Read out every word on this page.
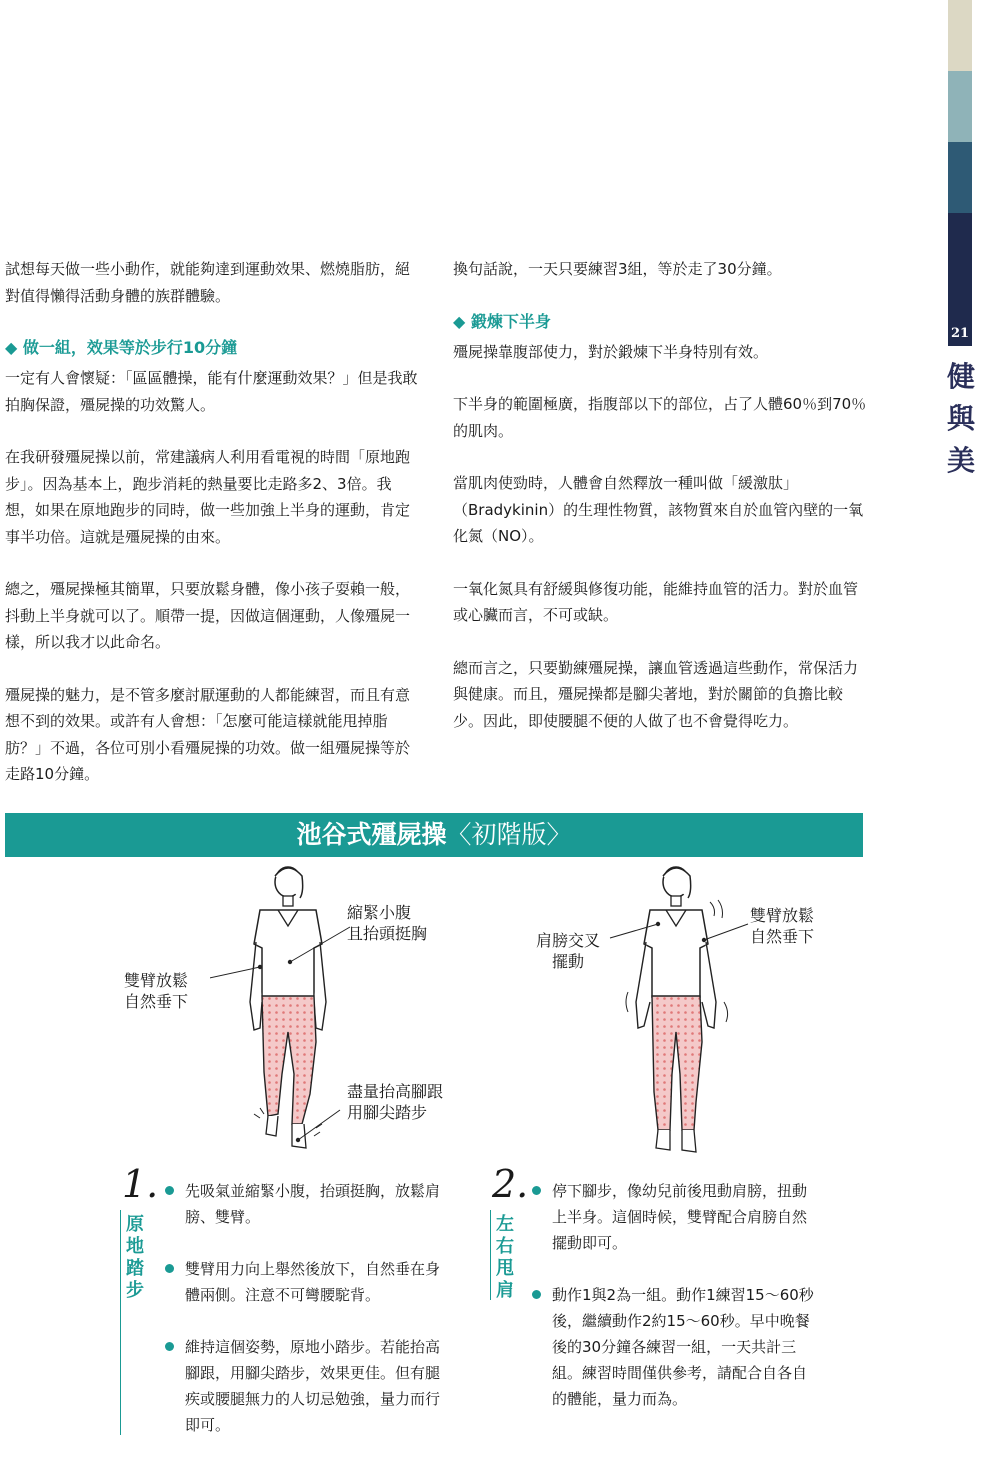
21
健
與
美

試想每天做一些小動作，就能夠達到運動效果、燃燒脂肪，絕對值得懶得活動身體的族群體驗。

◆ 做一組，效果等於步行10分鐘

一定有人會懷疑：「區區體操，能有什麼運動效果？」但是我敢拍胸保證，殭屍操的功效驚人。

在我研發殭屍操以前，常建議病人利用看電視的時間「原地跑步」。因為基本上，跑步消耗的熱量要比走路多2、3倍。我想，如果在原地跑步的同時，做一些加強上半身的運動，肯定事半功倍。這就是殭屍操的由來。

總之，殭屍操極其簡單，只要放鬆身體，像小孩子耍賴一般，抖動上半身就可以了。順帶一提，因做這個運動，人像殭屍一樣，所以我才以此命名。

殭屍操的魅力，是不管多麼討厭運動的人都能練習，而且有意想不到的效果。或許有人會想：「怎麼可能這樣就能甩掉脂肪？」不過，各位可別小看殭屍操的功效。做一組殭屍操等於走路10分鐘。

換句話說，一天只要練習3組，等於走了30分鐘。

◆ 鍛煉下半身

殭屍操靠腹部使力，對於鍛煉下半身特別有效。

下半身的範圍極廣，指腹部以下的部位，占了人體60％到70％的肌肉。

當肌肉使勁時，人體會自然釋放一種叫做「緩激肽」（Bradykinin）的生理性物質，該物質來自於血管內壁的一氧化氮（NO）。

一氧化氮具有舒緩與修復功能，能維持血管的活力。對於血管或心臟而言，不可或缺。

總而言之，只要勤練殭屍操，讓血管透過這些動作，常保活力與健康。而且，殭屍操都是腳尖著地，對於關節的負擔比較少。因此，即使腰腿不便的人做了也不會覺得吃力。

池谷式殭屍操〈初階版〉
縮緊小腹
且抬頭挺胸
雙臂放鬆
自然垂下
盡量抬高腳跟
用腳尖踏步
肩膀交叉
擺動
雙臂放鬆
自然垂下
1.
原
地
踏
步
先吸氣並縮緊小腹，抬頭挺胸，放鬆肩膀、雙臂。
雙臂用力向上舉然後放下，自然垂在身體兩側。注意不可彎腰駝背。
維持這個姿勢，原地小踏步。若能抬高腳跟，用腳尖踏步，效果更佳。但有腿疾或腰腿無力的人切忌勉強，量力而行即可。
2.
左
右
甩
肩
停下腳步，像幼兒前後甩動肩膀，扭動上半身。這個時候，雙臂配合肩膀自然擺動即可。
動作1與2為一組。動作1練習15～60秒後，繼續動作2約15～60秒。早中晚餐後的30分鐘各練習一組，一天共計三組。練習時間僅供參考，請配合自各自的體能，量力而為。
